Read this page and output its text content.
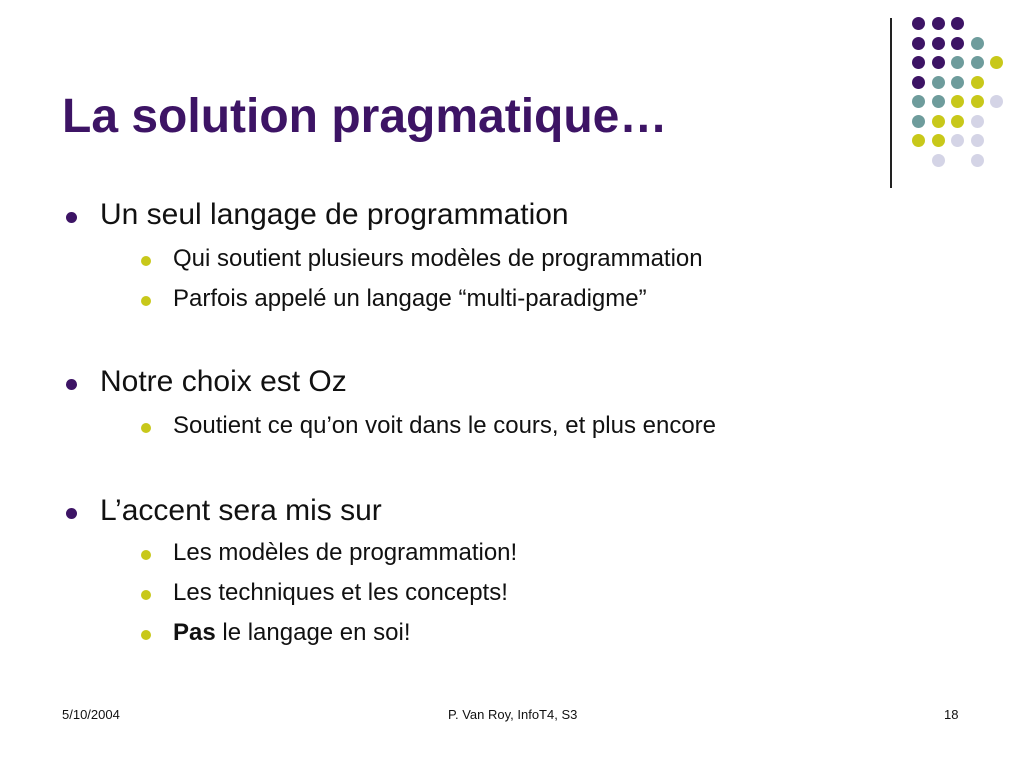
La solution pragmatique…
Un seul langage de programmation
Qui soutient plusieurs modèles de programmation
Parfois appelé un langage “multi-paradigme”
Notre choix est Oz
Soutient ce qu’on voit dans le cours, et plus encore
L’accent sera mis sur
Les modèles de programmation!
Les techniques et les concepts!
Pas le langage en soi!
5/10/2004	P. Van Roy, InfoT4, S3	18
